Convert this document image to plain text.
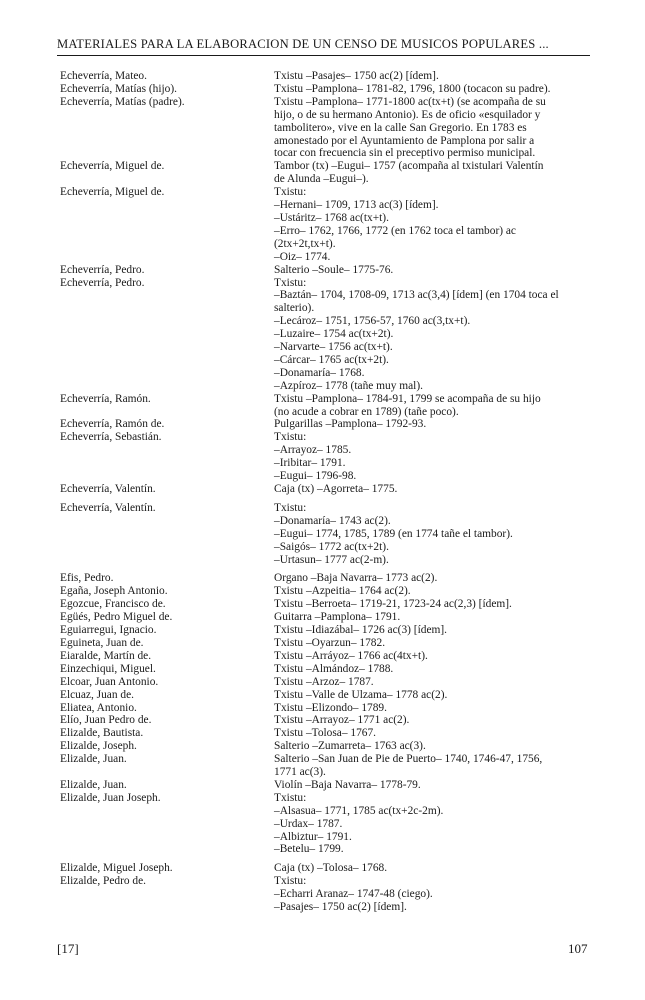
MATERIALES PARA LA ELABORACION DE UN CENSO DE MUSICOS POPULARES ...
Echeverría, Mateo.	Txistu –Pasajes– 1750 ac(2) [ídem].
Echeverría, Matías (hijo).	Txistu –Pamplona– 1781-82, 1796, 1800 (tocacon su padre).
Echeverría, Matías (padre).	Txistu –Pamplona– 1771-1800 ac(tx+t) (se acompaña de su
hijo, o de su hermano Antonio). Es de oficio «esquilador y
tambolitero», vive en la calle San Gregorio. En 1783 es
amonestado por el Ayuntamiento de Pamplona por salir a
tocar con frecuencia sin el preceptivo permiso municipal.
Echeverría, Miguel de.	Tambor (tx) –Eugui– 1757 (acompaña al txistulari Valentín
de Alunda –Eugui–).
Echeverría, Miguel de.	Txistu:
–Hernani– 1709, 1713 ac(3) [ídem].
–Ustáritz– 1768 ac(tx+t).
–Erro– 1762, 1766, 1772 (en 1762 toca el tambor) ac
(2tx+2t,tx+t).
–Oiz– 1774.
Echeverría, Pedro.	Salterio –Soule– 1775-76.
Echeverría, Pedro.	Txistu:
–Baztán– 1704, 1708-09, 1713 ac(3,4) [ídem] (en 1704 toca el
salterio).
–Lecároz– 1751, 1756-57, 1760 ac(3,tx+t).
–Luzaire– 1754 ac(tx+2t).
–Narvarte– 1756 ac(tx+t).
–Cárcar– 1765 ac(tx+2t).
–Donamaría– 1768.
–Azpíroz– 1778 (tañe muy mal).
Echeverría, Ramón.	Txistu –Pamplona– 1784-91, 1799 se acompaña de su hijo
(no acude a cobrar en 1789) (tañe poco).
Echeverría, Ramón de.	Pulgarillas –Pamplona– 1792-93.
Echeverría, Sebastián.	Txistu:
–Arrayoz– 1785.
–Iribitar– 1791.
–Eugui– 1796-98.
Echeverría, Valentín.	Caja (tx) –Agorreta– 1775.
Echeverría, Valentín.	Txistu:
–Donamaría– 1743 ac(2).
–Eugui– 1774, 1785, 1789 (en 1774 tañe el tambor).
–Saigós– 1772 ac(tx+2t).
–Urtasun– 1777 ac(2-m).
Efis, Pedro.	Organo –Baja Navarra– 1773 ac(2).
Egaña, Joseph Antonio.	Txistu –Azpeitia– 1764 ac(2).
Egozcue, Francisco de.	Txistu –Berroeta– 1719-21, 1723-24 ac(2,3) [ídem].
Egüés, Pedro Miguel de.	Guitarra –Pamplona– 1791.
Eguiarregui, Ignacio.	Txistu –Idiazábal– 1726 ac(3) [ídem].
Eguineta, Juan de.	Txistu –Oyarzun– 1782.
Eiaralde, Martín de.	Txistu –Arráyoz– 1766 ac(4tx+t).
Einzechiqui, Miguel.	Txistu –Almándoz– 1788.
Elcoar, Juan Antonio.	Txistu –Arzoz– 1787.
Elcuaz, Juan de.	Txistu –Valle de Ulzama– 1778 ac(2).
Eliatea, Antonio.	Txistu –Elizondo– 1789.
Elío, Juan Pedro de.	Txistu –Arrayoz– 1771 ac(2).
Elizalde, Bautista.	Txistu –Tolosa– 1767.
Elizalde, Joseph.	Salterio –Zumarreta– 1763 ac(3).
Elizalde, Juan.	Salterio –San Juan de Pie de Puerto– 1740, 1746-47, 1756,
1771 ac(3).
Elizalde, Juan.	Violín –Baja Navarra– 1778-79.
Elizalde, Juan Joseph.	Txistu:
–Alsasua– 1771, 1785 ac(tx+2c-2m).
–Urdax– 1787.
–Albiztur– 1791.
–Betelu– 1799.
Elizalde, Miguel Joseph.	Caja (tx) –Tolosa– 1768.
Elizalde, Pedro de.	Txistu:
–Echarri Aranaz– 1747-48 (ciego).
–Pasajes– 1750 ac(2) [ídem].
[17]	107
